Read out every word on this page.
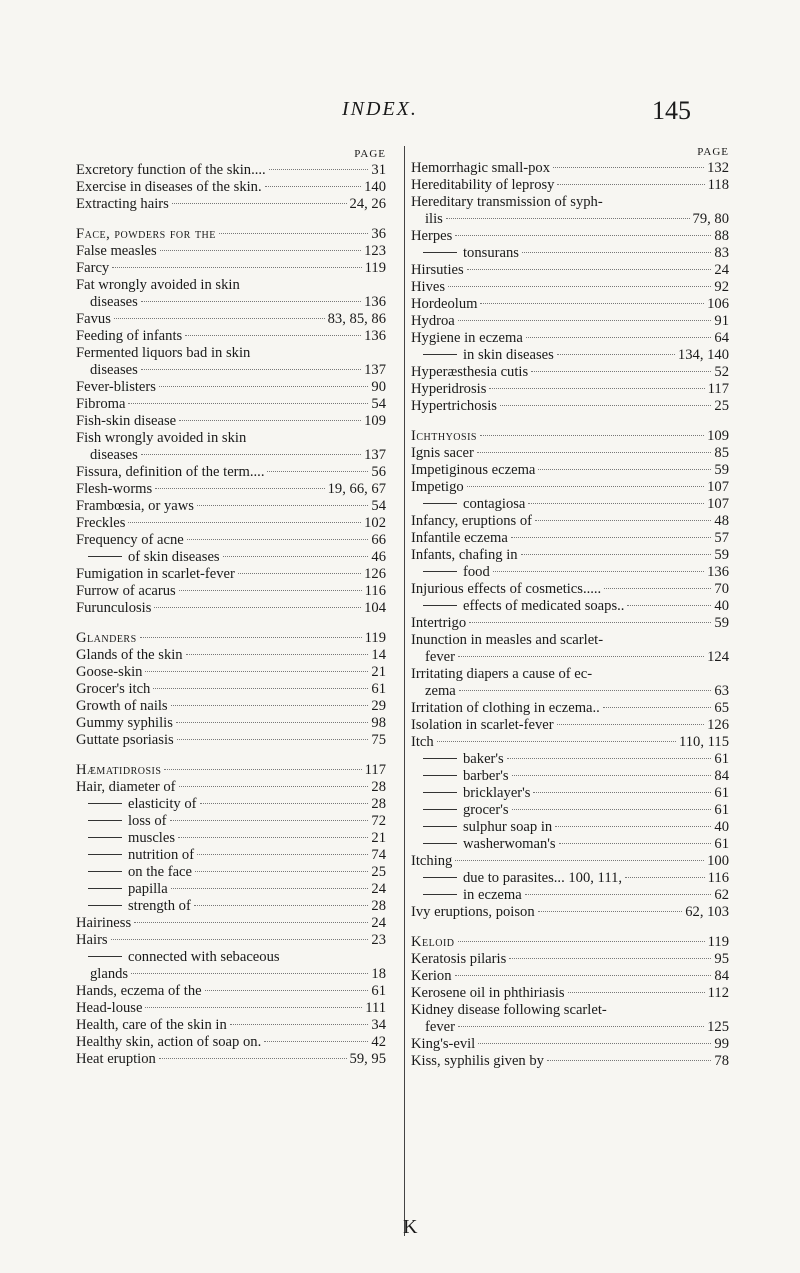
INDEX.	145
PAGE
Excretory function of the skin....	31
Exercise in diseases of the skin.	140
Extracting hairs	24, 26
Face, powders for the	36
False measles	123
Farcy	119
Fat wrongly avoided in skin
diseases	136
Favus	83, 85, 86
Feeding of infants	136
Fermented liquors bad in skin
diseases	137
Fever-blisters	90
Fibroma	54
Fish-skin disease	109
Fish wrongly avoided in skin
diseases	137
Fissura, definition of the term....	56
Flesh-worms	19, 66, 67
Frambœsia, or yaws	54
Freckles	102
Frequency of acne	66
of skin diseases	46
Fumigation in scarlet-fever	126
Furrow of acarus	116
Furunculosis	104
Glanders	119
Glands of the skin	14
Goose-skin	21
Grocer's itch	61
Growth of nails	29
Gummy syphilis	98
Guttate psoriasis	75
Hæmatidrosis	117
Hair, diameter of	28
elasticity of	28
loss of	72
muscles	21
nutrition of	74
on the face	25
papilla	24
strength of	28
Hairiness	24
Hairs	23
connected with sebaceous
glands	18
Hands, eczema of the	61
Head-louse	111
Health, care of the skin in	34
Healthy skin, action of soap on.	42
Heat eruption	59, 95
PAGE
Hemorrhagic small-pox	132
Hereditability of leprosy	118
Hereditary transmission of syph-
ilis	79, 80
Herpes	88
tonsurans	83
Hirsuties	24
Hives	92
Hordeolum	106
Hydroa	91
Hygiene in eczema	64
in skin diseases	134, 140
Hyperæsthesia cutis	52
Hyperidrosis	117
Hypertrichosis	25
Ichthyosis	109
Ignis sacer	85
Impetiginous eczema	59
Impetigo	107
contagiosa	107
Infancy, eruptions of	48
Infantile eczema	57
Infants, chafing in	59
food	136
Injurious effects of cosmetics.....	70
effects of medicated soaps..	40
Intertrigo	59
Inunction in measles and scarlet-
fever	124
Irritating diapers a cause of ec-
zema	63
Irritation of clothing in eczema..	65
Isolation in scarlet-fever	126
Itch	110, 115
baker's	61
barber's	84
bricklayer's	61
grocer's	61
sulphur soap in	40
washerwoman's	61
Itching	100
due to parasites... 100, 111,	116
in eczema	62
Ivy eruptions, poison	62, 103
Keloid	119
Keratosis pilaris	95
Kerion	84
Kerosene oil in phthiriasis	112
Kidney disease following scarlet-
fever	125
King's-evil	99
Kiss, syphilis given by	78
K
